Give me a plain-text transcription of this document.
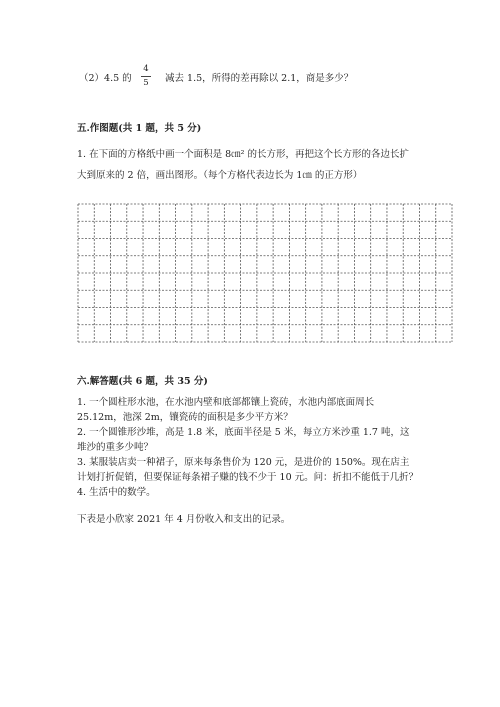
（2）4.5 的
4
5	减去 1.5，所得的差再除以 2.1，商是多少？
五.作图题(共 1 题，共 5 分)
1. 在下面的方格纸中画一个面积是 8㎝² 的长方形，再把这个长方形的各边长扩
大到原来的 2 倍，画出图形。（每个方格代表边长为 1㎝ 的正方形）
六.解答题(共 6 题，共 35 分)
1. 一个圆柱形水池，在水池内壁和底部都镶上瓷砖，水池内部底面周长
25.12m，池深 2m，镶瓷砖的面积是多少平方米？
2. 一个圆锥形沙堆，高是 1.8 米，底面半径是 5 米，每立方米沙重 1.7 吨，这
堆沙的重多少吨？
3. 某服装店卖一种裙子，原来每条售价为 120 元，是进价的 150%。现在店主
计划打折促销，但要保证每条裙子赚的钱不少于 10 元。问：折扣不能低于几折？
4. 生活中的数学。
下表是小欣家 2021 年 4 月份收入和支出的记录。
